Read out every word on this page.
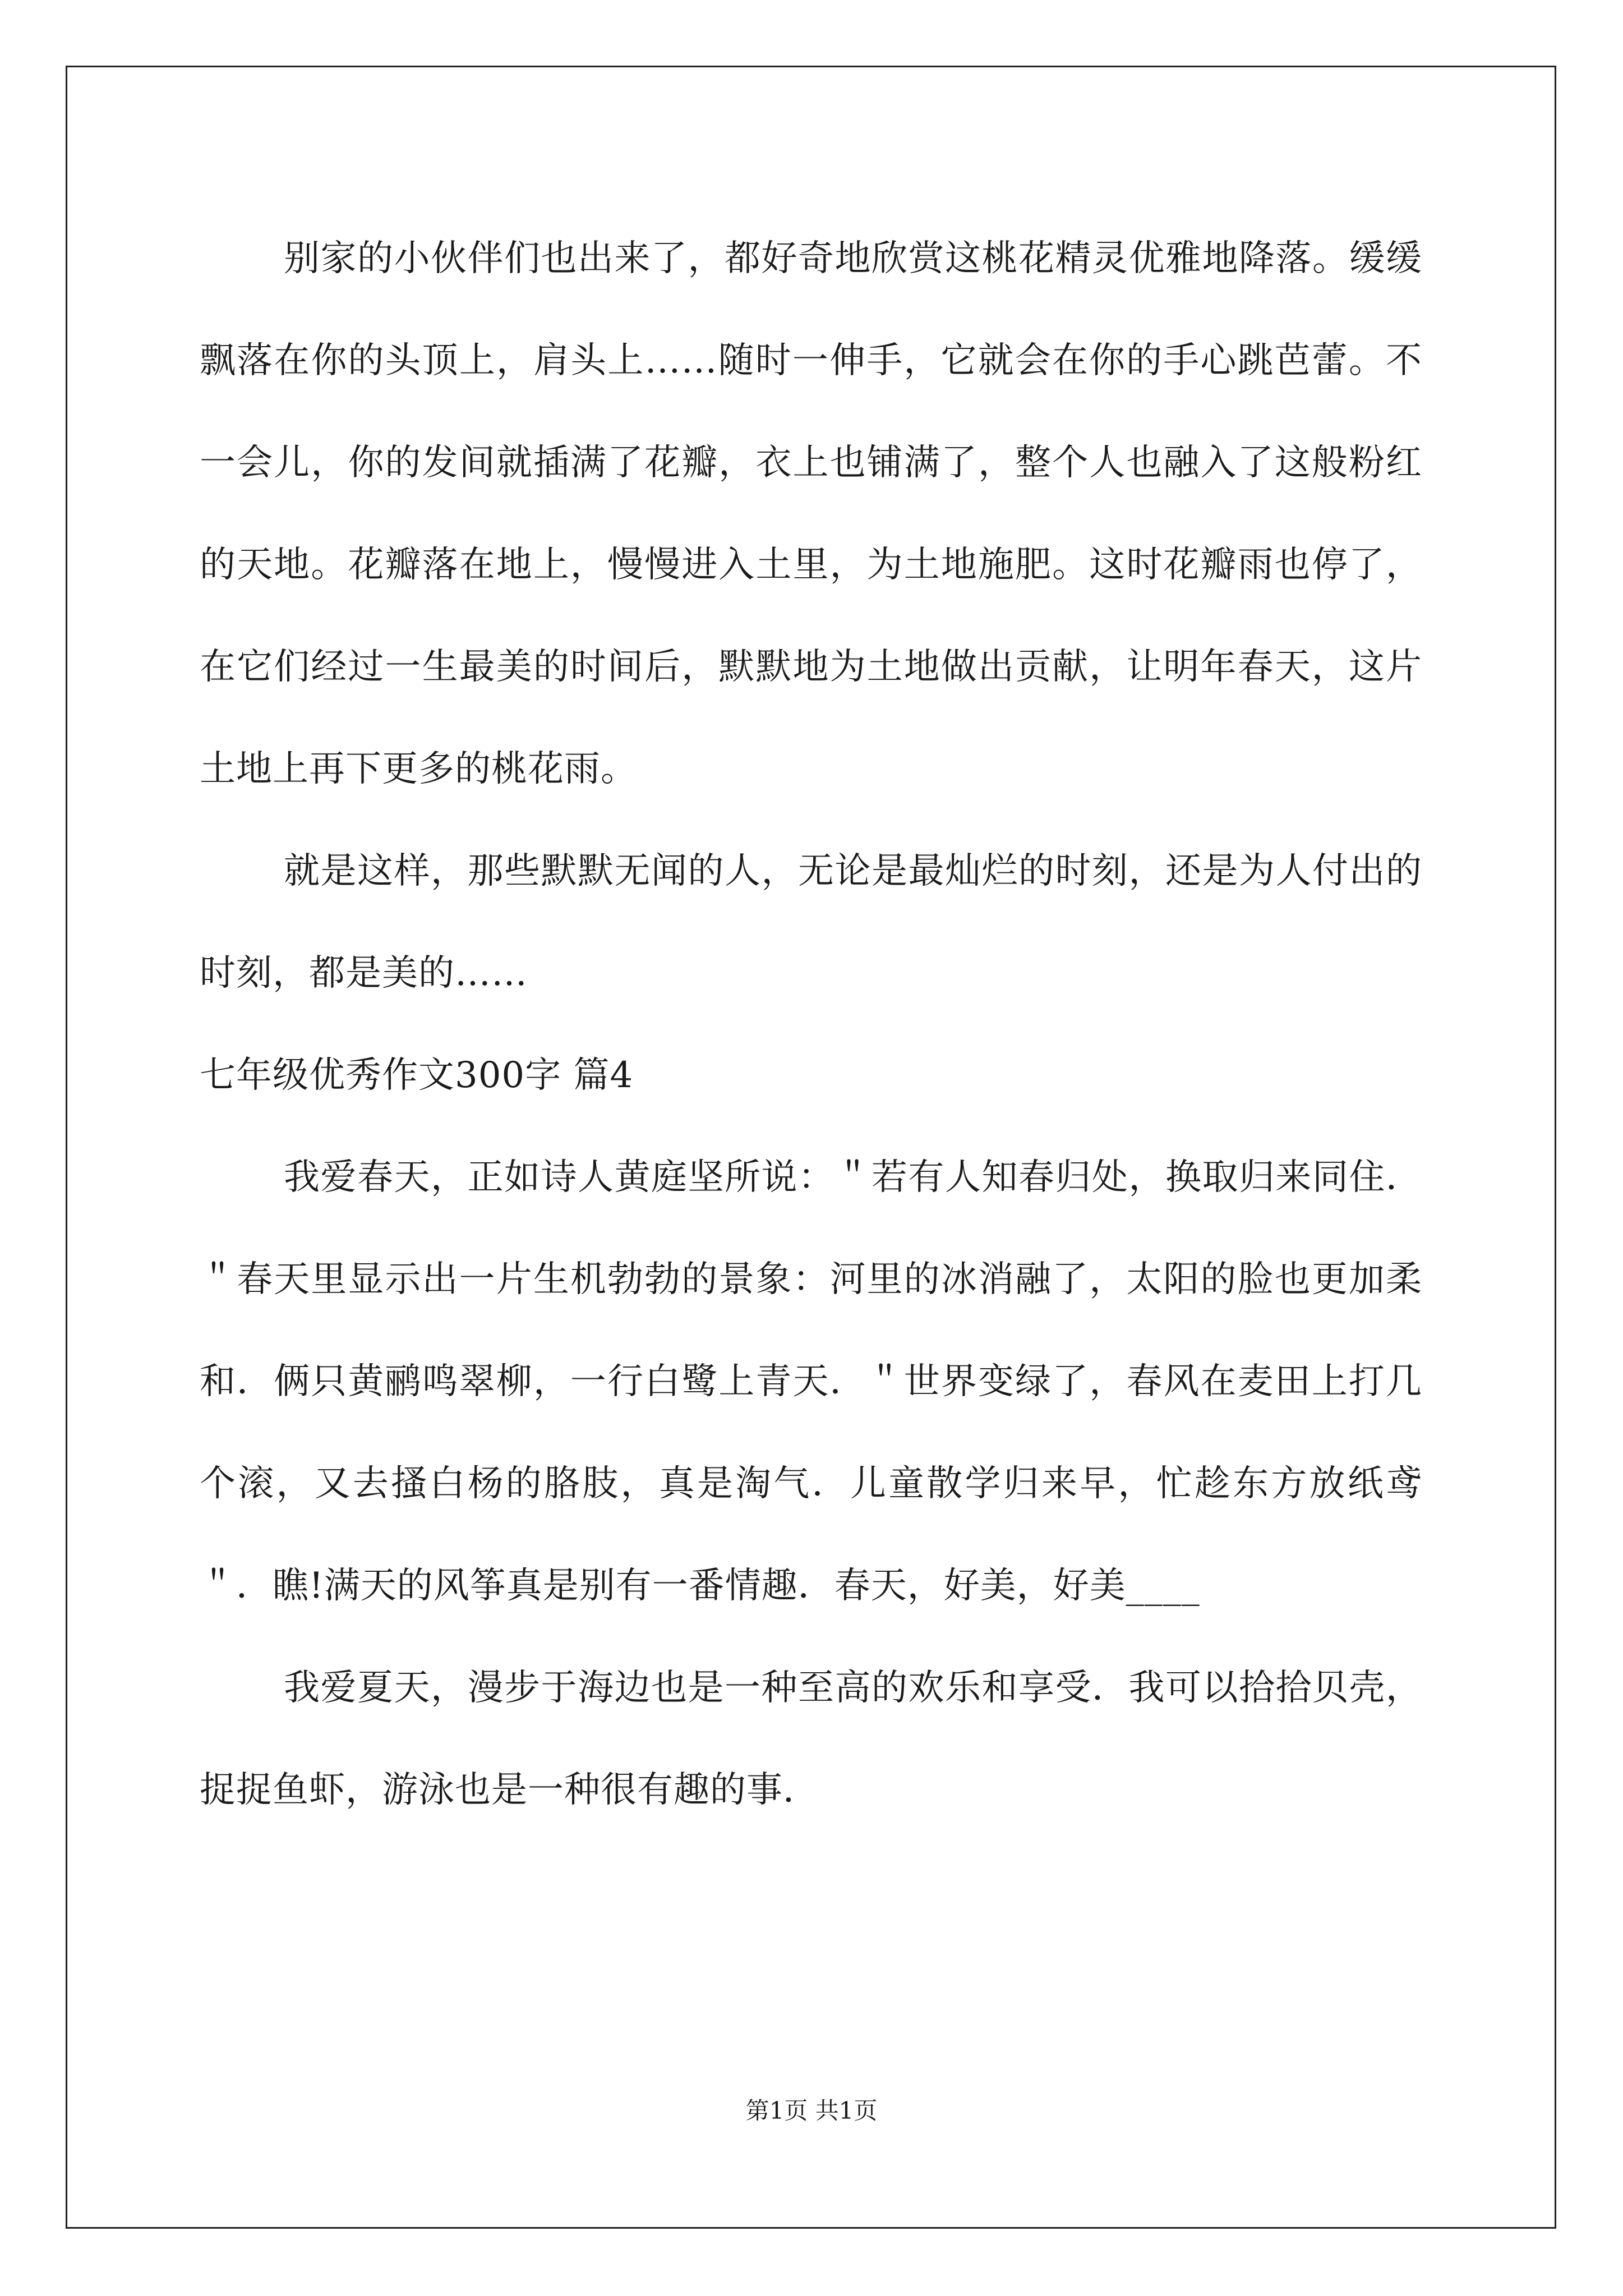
别家的小伙伴们也出来了，都好奇地欣赏这桃花精灵优雅地降落。缓缓飘落在你的头顶上，肩头上……随时一伸手，它就会在你的手心跳芭蕾。不一会儿，你的发间就插满了花瓣，衣上也铺满了，整个人也融入了这般粉红的天地。花瓣落在地上，慢慢进入土里，为土地施肥。这时花瓣雨也停了，在它们经过一生最美的时间后，默默地为土地做出贡献，让明年春天，这片土地上再下更多的桃花雨。

就是这样，那些默默无闻的人，无论是最灿烂的时刻，还是为人付出的时刻，都是美的……

七年级优秀作文300字 篇4

我爱春天，正如诗人黄庭坚所说：＂若有人知春归处，换取归来同住．＂春天里显示出一片生机勃勃的景象：河里的冰消融了，太阳的脸也更加柔和．俩只黄鹂鸣翠柳，一行白鹭上青天．＂世界变绿了，春风在麦田上打几个滚，又去搔白杨的胳肢，真是淘气．儿童散学归来早，忙趁东方放纸鸢＂．瞧!满天的风筝真是别有一番情趣．春天，好美，好美____

我爱夏天，漫步于海边也是一种至高的欢乐和享受．我可以拾拾贝壳，捉捉鱼虾，游泳也是一种很有趣的事．

第1页 共1页
